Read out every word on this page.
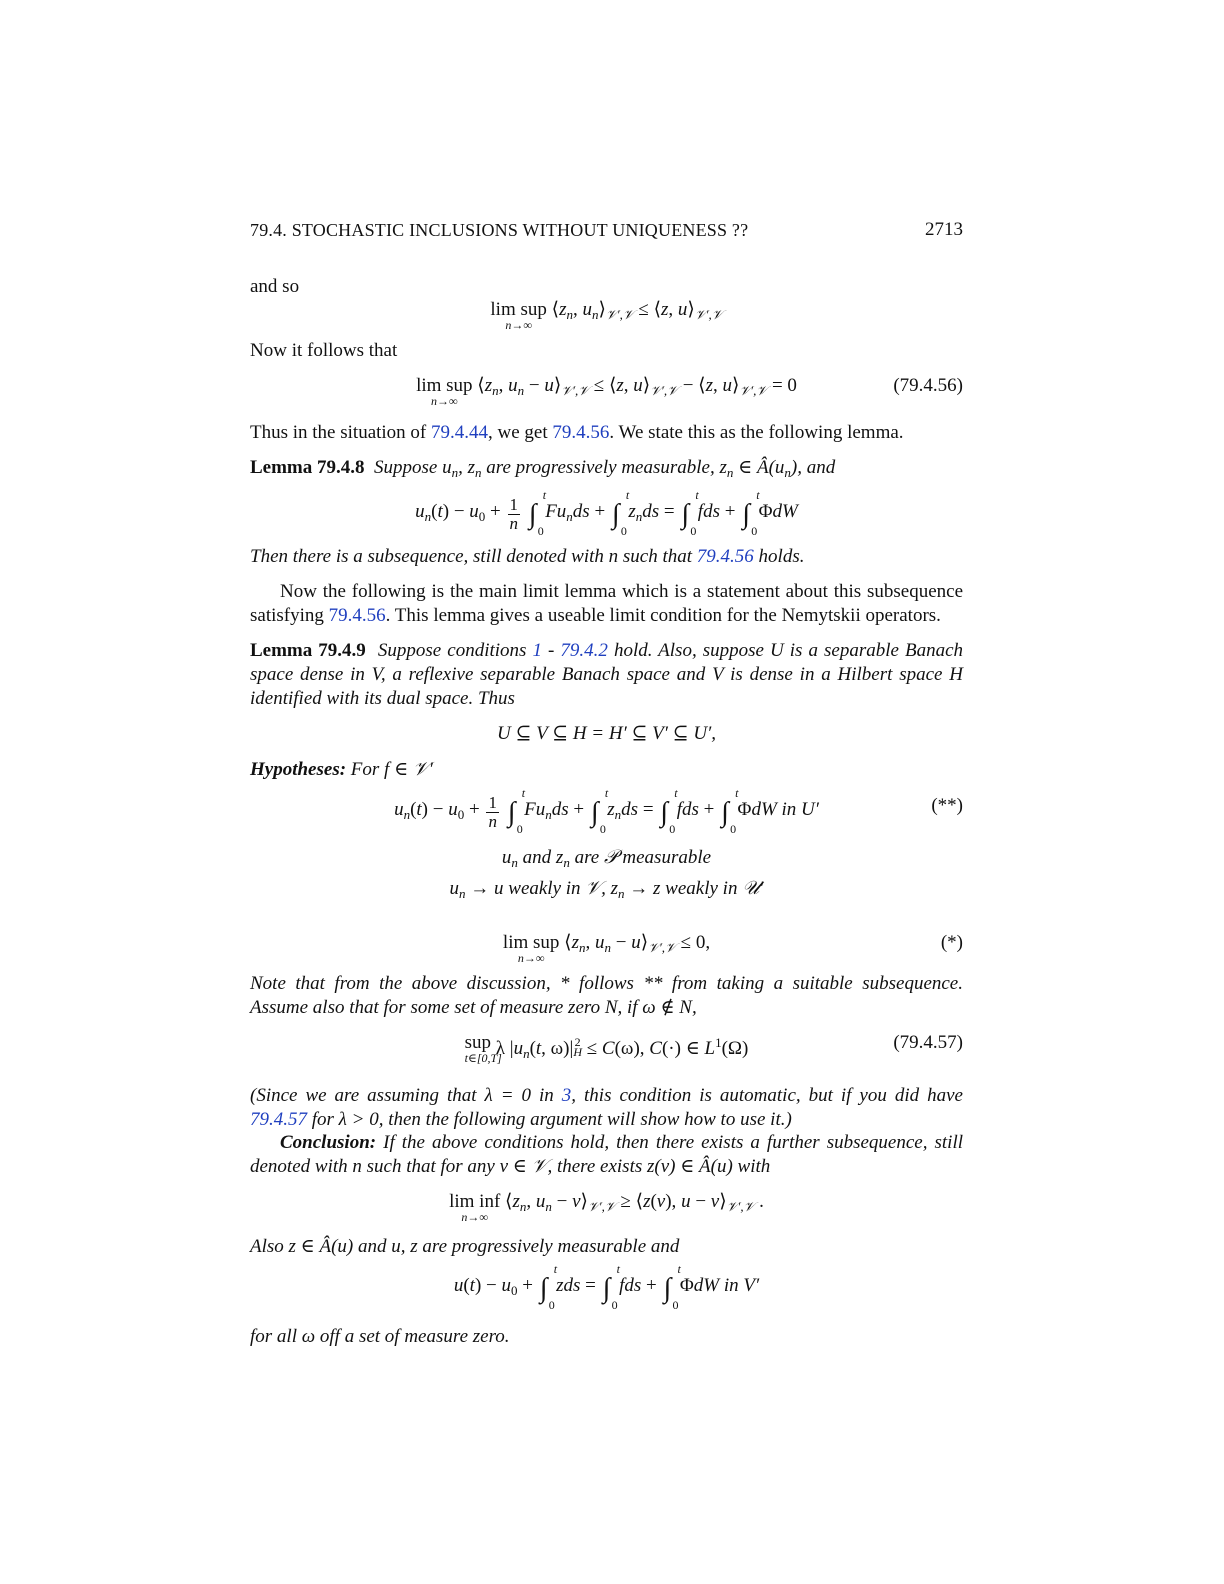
79.4. STOCHASTIC INCLUSIONS WITHOUT UNIQUENESS ??	2713
and so
lim sup
n→∞
$⟨z_n$, $u_n⟩_{𝒱',𝒱}$ ≤ ⟨z, $u⟩_{𝒱',𝒱}$
Now it follows that
lim sup
n→∞
$⟨z_n$, $u_n$ − $u⟩_{𝒱',𝒱}$ ≤ ⟨z, $u⟩_{𝒱',𝒱}$ − ⟨z, $u⟩_{𝒱',𝒱} = 0$	(79.4.56)
Thus in the situation of 79.4.44, we get 79.4.56. We state this as the following lemma.
Lemma 79.4.8 Suppose $u_n$, $z_n$ are progressively measurable, $z_n$ ∈ $Â(u_n)$, and
$u_n(t) - u_0 + \frac{1}{n}$ ∫
t
0
$Fu_nds$ + ∫
t
0
$z_nds$ = ∫
t
0
fds + ∫
t
0
ΦdW
Then there is a subsequence, still denoted with n such that 79.4.56 holds.
Now the following is the main limit lemma which is a statement about this subsequence satisfying 79.4.56. This lemma gives a useable limit condition for the Nemytskii operators.
Lemma 79.4.9 Suppose conditions 1 - 79.4.2 hold. Also, suppose U is a separable Banach space dense in V, a reflexive separable Banach space and V is dense in a Hilbert space H identified with its dual space. Thus
U ⊆ V ⊆ H = H′ ⊆ V′ ⊆ U′,
Hypotheses: For f ∈ 𝒱′
$u_n(t) - u_0 + \frac{1}{n}$ ∫
t
0
$Fu_nds$ + ∫
t
0
$z_nds$ = ∫
t
0
fds + ∫
t
0
ΦdW in U′	(**)
$u_n$ and $z_n$ are 𝒫 measurable
$u_n \to u$ weakly in 𝒱, $z_n \to z$ weakly in 𝒰′
lim sup
n→∞
$⟨z_n$, $u_n$ − $u⟩_{𝒱',𝒱} \le 0$,	(*)
Note that from the above discussion, * follows ** from taking a suitable subsequence. Assume also that for some set of measure zero N, if ω ∉ N,
sup
t∈[0,T]
λ $|u_n(t$, ω)| 2
H ≤ C(ω), C(·) ∈ $L^1(\Omega)$	(79.4.57)
(Since we are assuming that λ = 0 in 3, this condition is automatic, but if you did have 79.4.57 for λ > 0, then the following argument will show how to use it.)
Conclusion: If the above conditions hold, then there exists a further subsequence, still denoted with n such that for any v ∈ 𝒱, there exists z(v) ∈ Â(u) with
lim inf
n→∞
$⟨z_n$, $u_n$ − $v⟩_{𝒱',𝒱}$ ≥ ⟨z(v), $u - v⟩_{𝒱',𝒱}$ .
Also z ∈ Â(u) and u, z are progressively measurable and
$u(t) - u_0$ + ∫
t
0
zds = ∫
t
0
fds + ∫
t
0
ΦdW in V′
for all ω off a set of measure zero.
